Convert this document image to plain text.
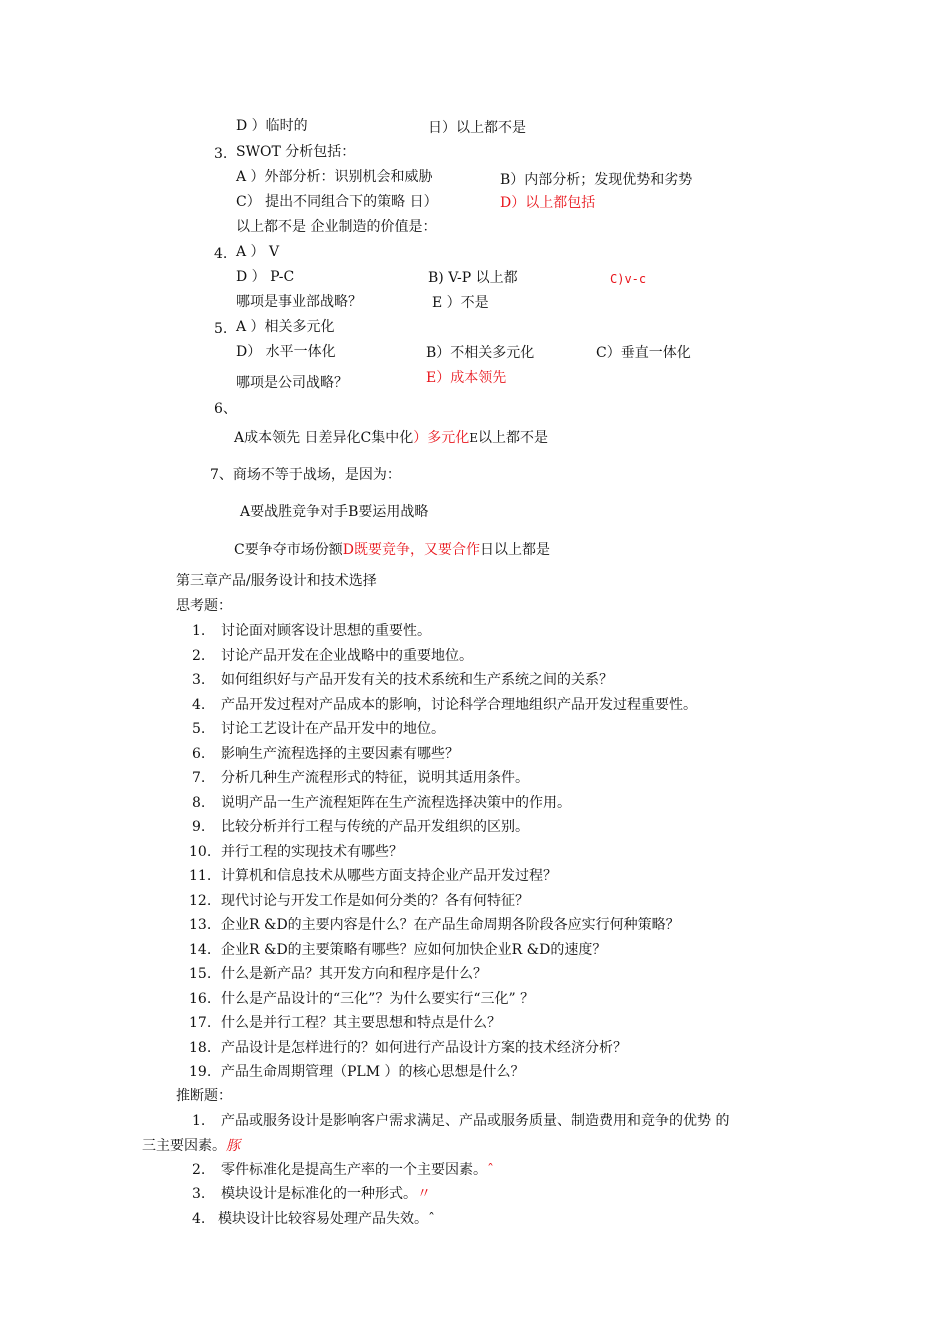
D ）临时的	日）以上都不是
3. SWOT 分析包括：
A ）外部分析：识别机会和威胁	B）内部分析；发现优势和劣势
C） 提出不同组合下的策略 日）	D）以上都包括
以上都不是 企业制造的价值是：
4. A ） V
D ） P-C	B) V-P 以上都	C)v-c
哪项是事业部战略？	E ）不是
5. A ）相关多元化
D） 水平一体化	B）不相关多元化	C）垂直一体化
哪项是公司战略？	E）成本领先
6、
A成本领先 日差异化C集中化）多元化E以上都不是
7、商场不等于战场，是因为：
A要战胜竞争对手B要运用战略
C要争夺市场份额D既要竞争，又要合作日以上都是
第三章产品/服务设计和技术选择
思考题：
1. 讨论面对顾客设计思想的重要性。
2. 讨论产品开发在企业战略中的重要地位。
3. 如何组织好与产品开发有关的技术系统和生产系统之间的关系？
4. 产品开发过程对产品成本的影响，讨论科学合理地组织产品开发过程重要性。
5. 讨论工艺设计在产品开发中的地位。
6. 影响生产流程选择的主要因素有哪些？
7. 分析几种生产流程形式的特征，说明其适用条件。
8. 说明产品一生产流程矩阵在生产流程选择决策中的作用。
9. 比较分析并行工程与传统的产品开发组织的区别。
10. 并行工程的实现技术有哪些？
11. 计算机和信息技术从哪些方面支持企业产品开发过程？
12. 现代讨论与开发工作是如何分类的？各有何特征？
13. 企业R &D的主要内容是什么？在产品生命周期各阶段各应实行何种策略？
14. 企业R &D的主要策略有哪些？应如何加快企业R &D的速度？
15. 什么是新产品？其开发方向和程序是什么？
16. 什么是产品设计的“三化”？为什么要实行“三化” ？
17. 什么是并行工程？其主要思想和特点是什么？
18. 产品设计是怎样进行的？如何进行产品设计方案的技术经济分析？
19. 产品生命周期管理（PLM ）的核心思想是什么？
推断题：
1. 产品或服务设计是影响客户需求满足、产品或服务质量、制造费用和竞争的优势 的
三主要因素。豚
2. 零件标准化是提高生产率的一个主要因素。ˆ
3. 模块设计是标准化的一种形式。〃
4. 模块设计比较容易处理产品失效。ˆ
